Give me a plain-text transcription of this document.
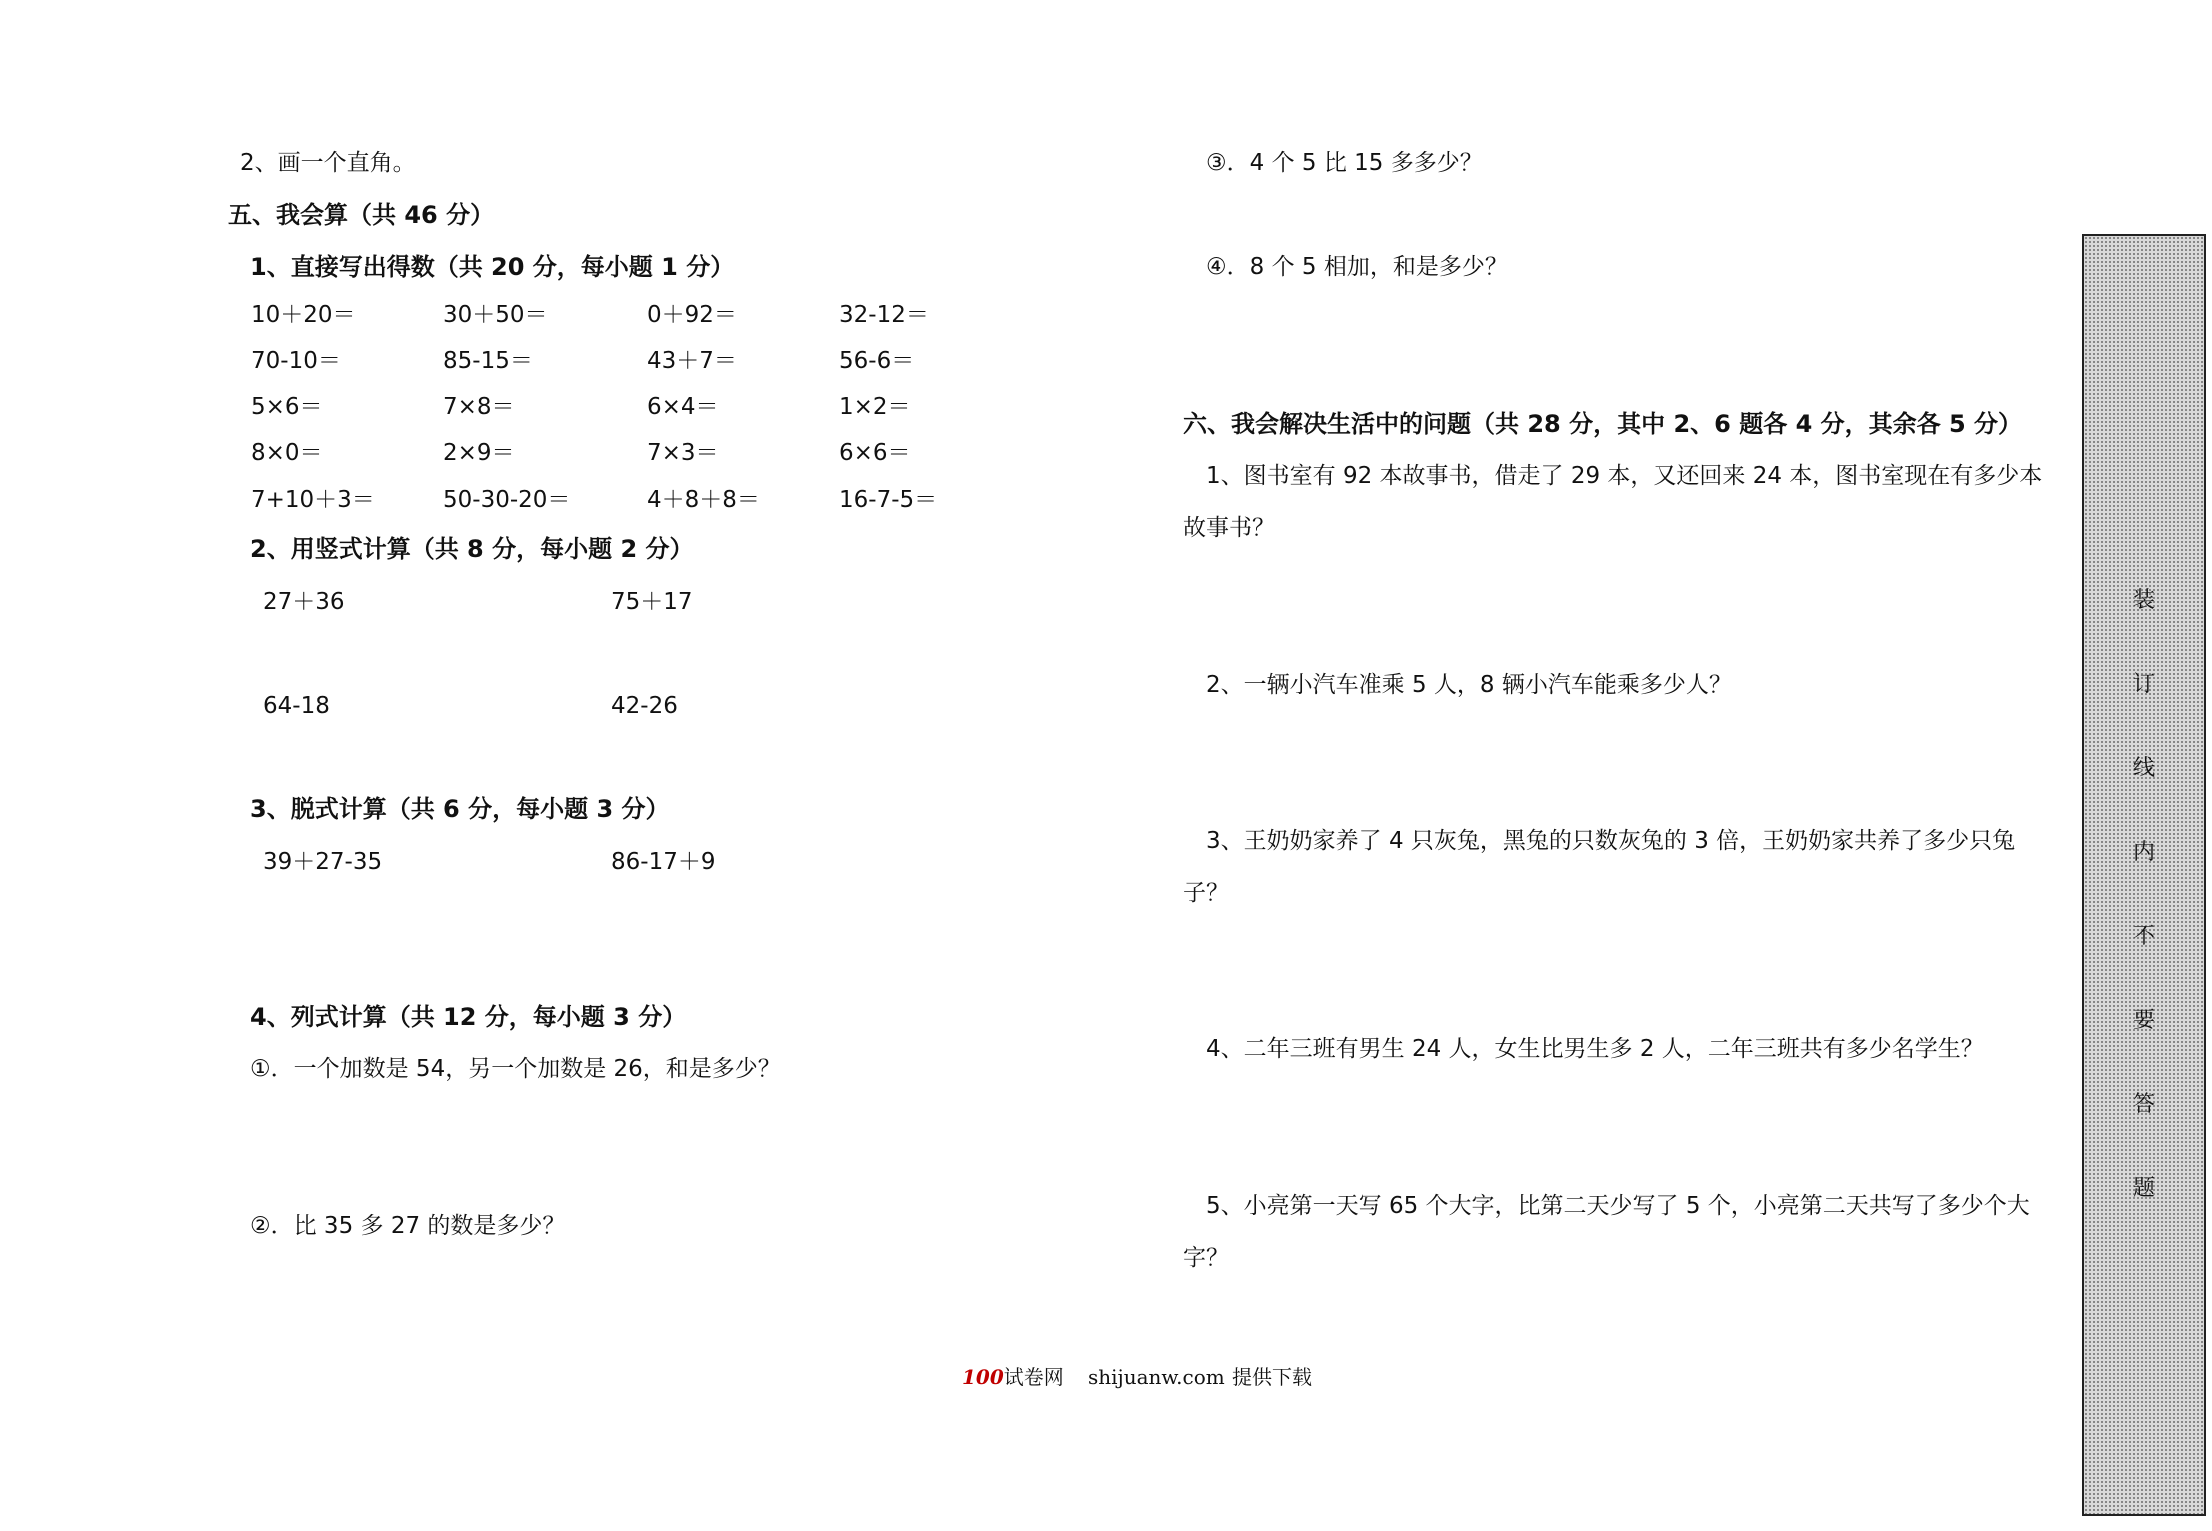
2、画一个直角。
五、我会算（共 46 分）
1、直接写出得数（共 20 分，每小题 1 分）
10＋20＝	30＋50＝	0＋92＝	32-12＝
70-10＝	85-15＝	43＋7＝	56-6＝
5×6＝	7×8＝	6×4＝	1×2＝
8×0＝	2×9＝	7×3＝	6×6＝
7+10＋3＝	50-30-20＝	4＋8＋8＝	16-7-5＝
2、用竖式计算（共 8 分，每小题 2 分）
27＋36	75＋17
64-18	42-26
3、脱式计算（共 6 分，每小题 3 分）
39＋27-35	86-17＋9
4、列式计算（共 12 分，每小题 3 分）
①．一个加数是 54，另一个加数是 26，和是多少？
②．比 35 多 27 的数是多少？
③．4 个 5 比 15 多多少？
④．8 个 5 相加，和是多少？
六、我会解决生活中的问题（共 28 分，其中 2、6 题各 4 分，其余各 5 分）
1、图书室有 92 本故事书，借走了 29 本，又还回来 24 本，图书室现在有多少本
故事书？
2、一辆小汽车准乘 5 人，8 辆小汽车能乘多少人？
3、王奶奶家养了 4 只灰兔，黑兔的只数灰兔的 3 倍，王奶奶家共养了多少只兔
子？
4、二年三班有男生 24 人，女生比男生多 2 人，二年三班共有多少名学生？
5、小亮第一天写 65 个大字，比第二天少写了 5 个，小亮第二天共写了多少个大
字？
100试卷网 shijuanw.com 提供下载
装
订
线
内
不
要
答
题
